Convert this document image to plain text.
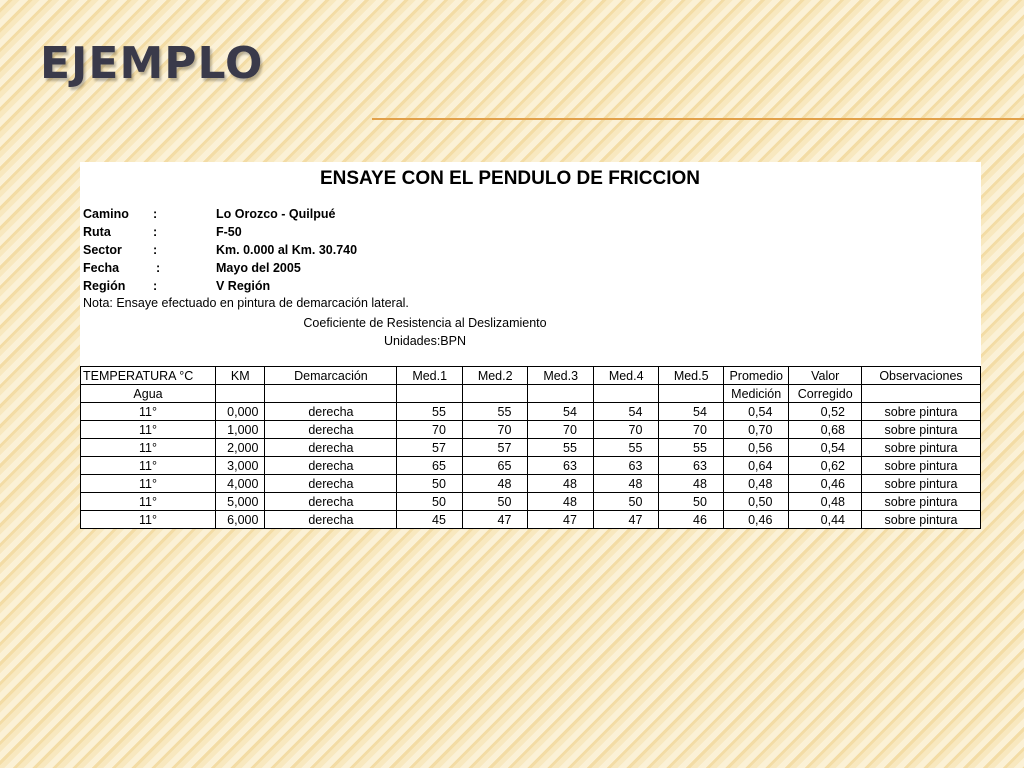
EJEMPLO
ENSAYE CON EL PENDULO DE FRICCION
Camino :	Lo Orozco - Quilpué
Ruta	:	F-50
Sector :	Km. 0.000 al Km. 30.740
Fecha	:	Mayo del 2005
Región :	V Región
Nota: Ensaye efectuado en pintura de demarcación lateral.
Coeficiente de Resistencia al Deslizamiento
Unidades:BPN
TEMPERATURA °C	KM	Demarcación	Med.1	Med.2	Med.3	Med.4	Med.5	Promedio	Valor	Observaciones
Agua								Medición	Corregido	
11°	0,000	derecha	55	55	54	54	54	0,54	0,52	sobre pintura
11°	1,000	derecha	70	70	70	70	70	0,70	0,68	sobre pintura
11°	2,000	derecha	57	57	55	55	55	0,56	0,54	sobre pintura
11°	3,000	derecha	65	65	63	63	63	0,64	0,62	sobre pintura
11°	4,000	derecha	50	48	48	48	48	0,48	0,46	sobre pintura
11°	5,000	derecha	50	50	48	50	50	0,50	0,48	sobre pintura
11°	6,000	derecha	45	47	47	47	46	0,46	0,44	sobre pintura
